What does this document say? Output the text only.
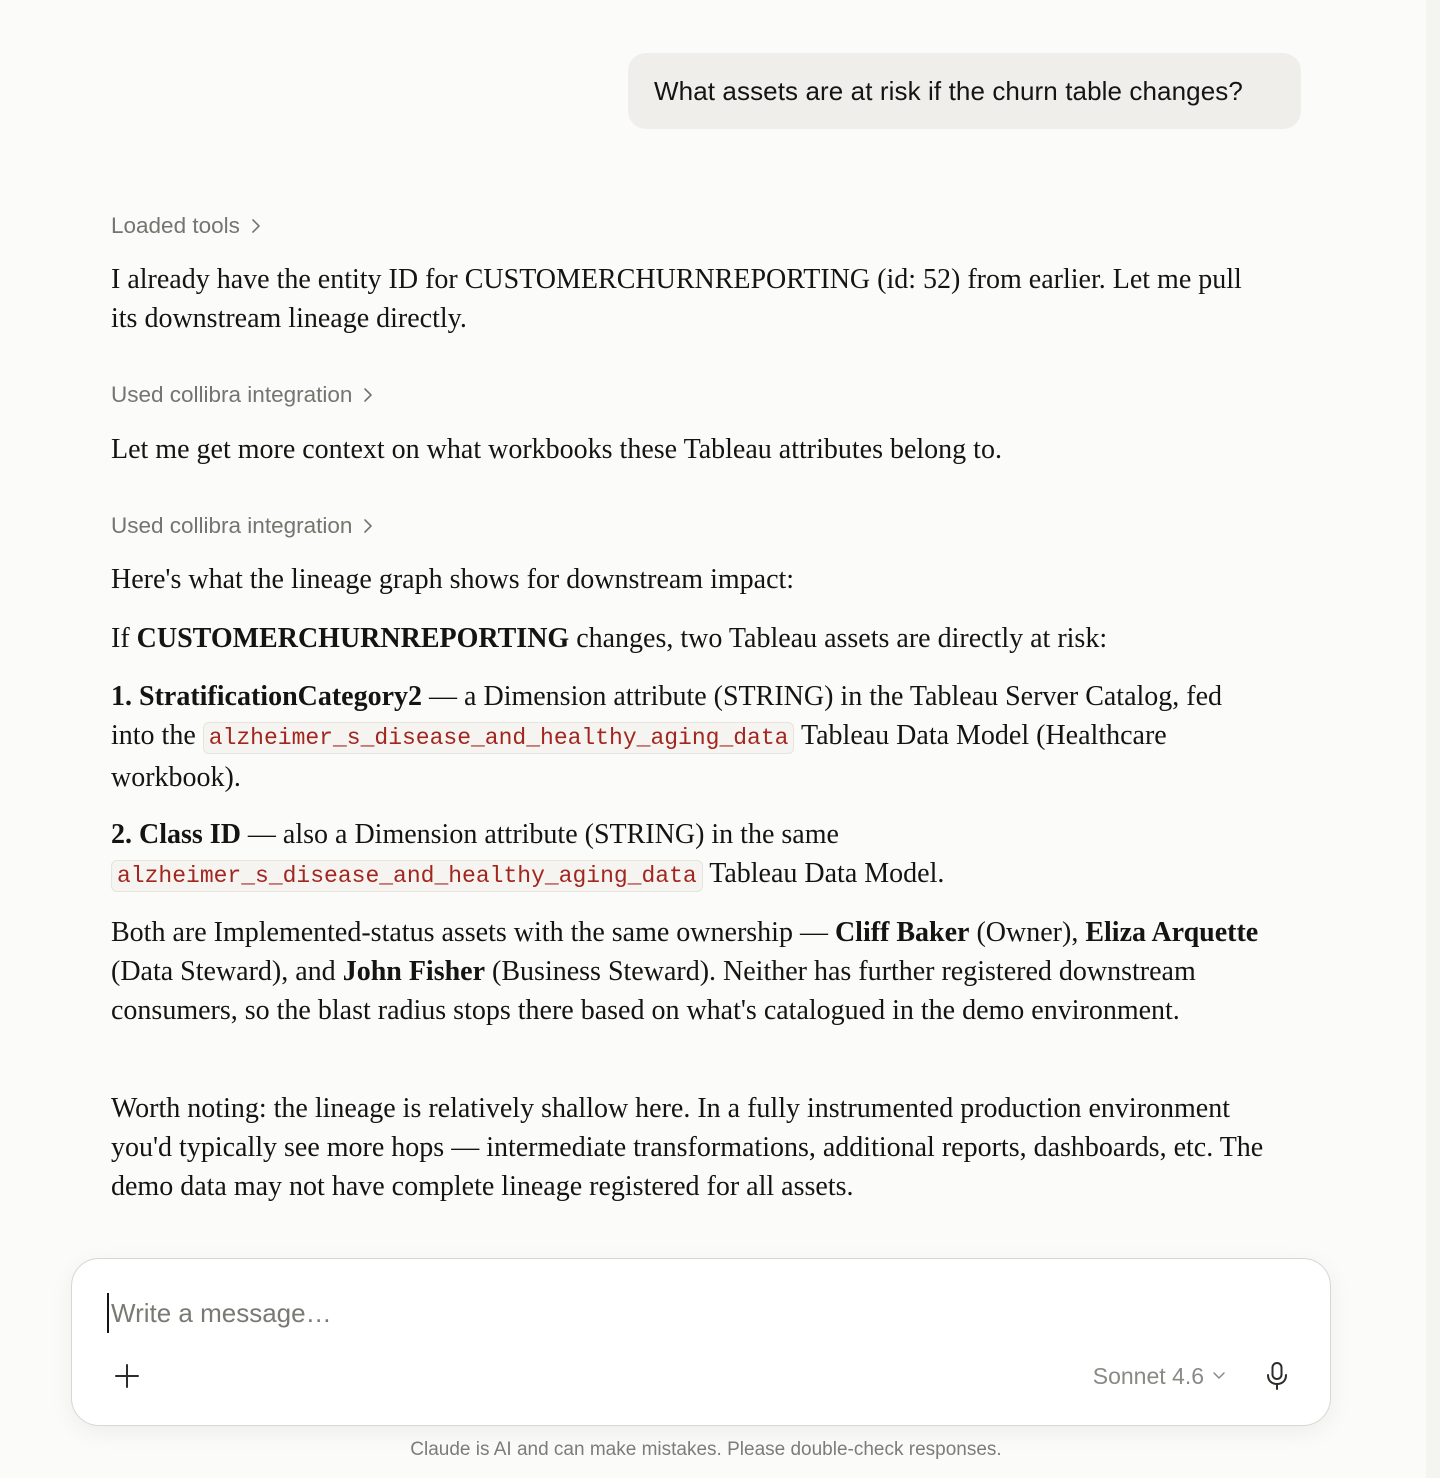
What assets are at risk if the churn table changes?
Loaded tools

I already have the entity ID for CUSTOMERCHURNREPORTING (id: 52) from earlier. Let me pull its downstream lineage directly.

Used collibra integration

Let me get more context on what workbooks these Tableau attributes belong to.

Used collibra integration

Here's what the lineage graph shows for downstream impact:

If CUSTOMERCHURNREPORTING changes, two Tableau assets are directly at risk:

1. StratificationCategory2 — a Dimension attribute (STRING) in the Tableau Server Catalog, fed into the alzheimer_s_disease_and_healthy_aging_data Tableau Data Model (Healthcare workbook).

2. Class ID — also a Dimension attribute (STRING) in the same alzheimer_s_disease_and_healthy_aging_data Tableau Data Model.

Both are Implemented-status assets with the same ownership — Cliff Baker (Owner), Eliza Arquette (Data Steward), and John Fisher (Business Steward). Neither has further registered downstream consumers, so the blast radius stops there based on what's catalogued in the demo environment.

Worth noting: the lineage is relatively shallow here. In a fully instrumented production environment you'd typically see more hops — intermediate transformations, additional reports, dashboards, etc. The demo data may not have complete lineage registered for all assets.

Write a message…
Sonnet 4.6
Claude is AI and can make mistakes. Please double-check responses.
